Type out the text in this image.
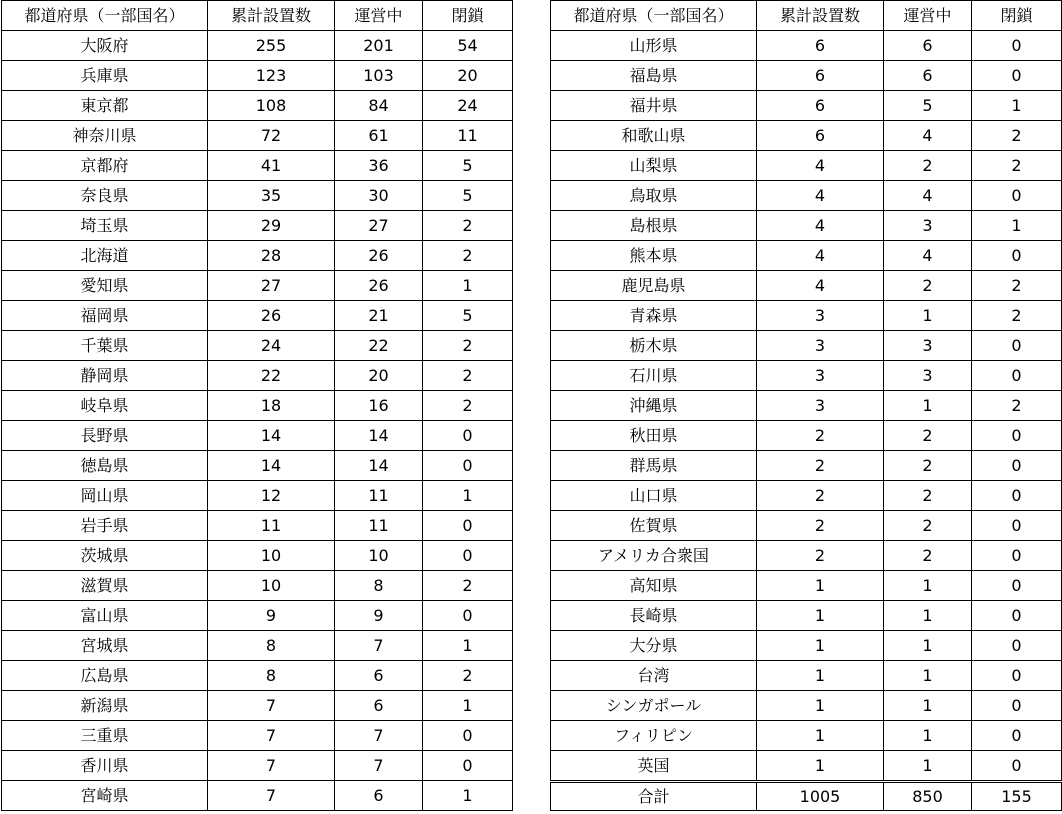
都道府県（一部国名）	累計設置数	運営中	閉鎖
大阪府	255	201	54
兵庫県	123	103	20
東京都	108	84	24
神奈川県	72	61	11
京都府	41	36	5
奈良県	35	30	5
埼玉県	29	27	2
北海道	28	26	2
愛知県	27	26	1
福岡県	26	21	5
千葉県	24	22	2
静岡県	22	20	2
岐阜県	18	16	2
長野県	14	14	0
徳島県	14	14	0
岡山県	12	11	1
岩手県	11	11	0
茨城県	10	10	0
滋賀県	10	8	2
富山県	9	9	0
宮城県	8	7	1
広島県	8	6	2
新潟県	7	6	1
三重県	7	7	0
香川県	7	7	0
宮崎県	7	6	1
都道府県（一部国名）	累計設置数	運営中	閉鎖
山形県	6	6	0
福島県	6	6	0
福井県	6	5	1
和歌山県	6	4	2
山梨県	4	2	2
鳥取県	4	4	0
島根県	4	3	1
熊本県	4	4	0
鹿児島県	4	2	2
青森県	3	1	2
栃木県	3	3	0
石川県	3	3	0
沖縄県	3	1	2
秋田県	2	2	0
群馬県	2	2	0
山口県	2	2	0
佐賀県	2	2	0
アメリカ合衆国	2	2	0
高知県	1	1	0
長崎県	1	1	0
大分県	1	1	0
台湾	1	1	0
シンガポール	1	1	0
フィリピン	1	1	0
英国	1	1	0
合計	1005	850	155
